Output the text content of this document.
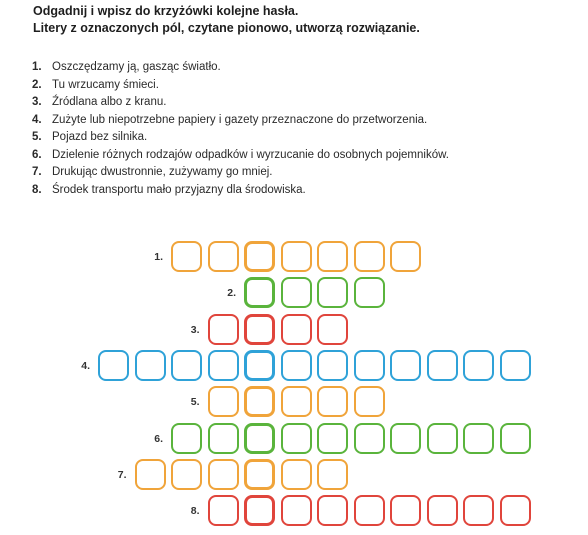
Odgadnij i wpisz do krzyżówki kolejne hasła.
Litery z oznaczonych pól, czytane pionowo, utworzą rozwiązanie.
1. Oszczędzamy ją, gasząc światło.
2. Tu wrzucamy śmieci.
3. Źródlana albo z kranu.
4. Zużyte lub niepotrzebne papiery i gazety przeznaczone do przetworzenia.
5. Pojazd bez silnika.
6. Dzielenie różnych rodzajów odpadków i wyrzucanie do osobnych pojemników.
7. Drukując dwustronnie, zużywamy go mniej.
8. Środek transportu mało przyjazny dla środowiska.
1.
2.
3.
4.
5.
6.
7.
8.
